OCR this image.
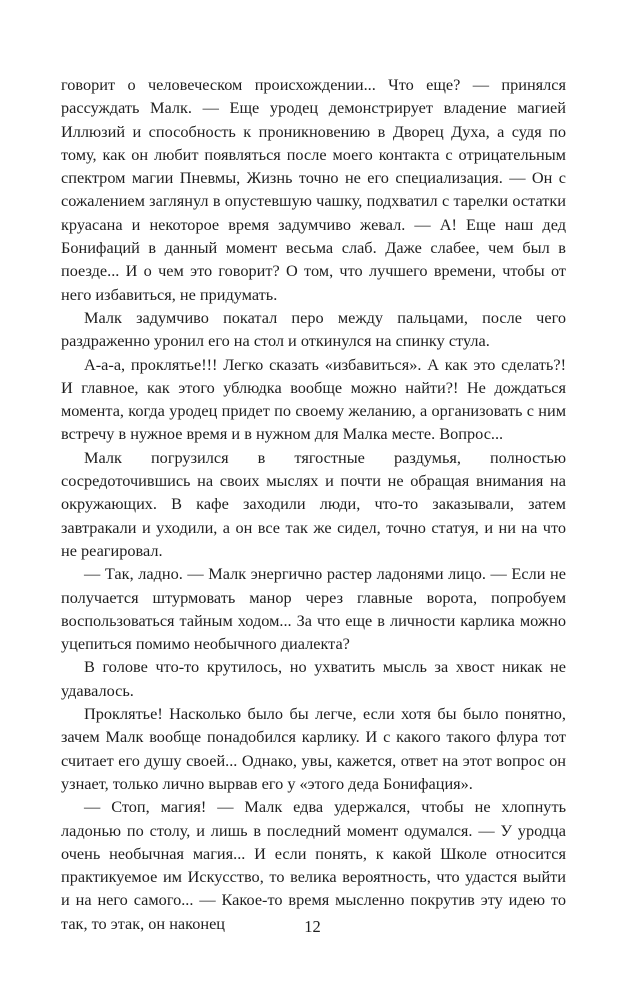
говорит о человеческом происхождении... Что еще? — принялся рассуждать Малк. — Еще уродец демонстрирует владение магией Иллюзий и способность к проникновению в Дворец Духа, а судя по тому, как он любит появляться после моего контакта с отрицательным спектром магии Пневмы, Жизнь точно не его специализация. — Он с сожалением заглянул в опустевшую чашку, подхватил с тарелки остатки круасана и некоторое время задумчиво жевал. — А! Еще наш дед Бонифаций в данный момент весьма слаб. Даже слабее, чем был в поезде... И о чем это говорит? О том, что лучшего времени, чтобы от него избавиться, не придумать.

Малк задумчиво покатал перо между пальцами, после чего раздраженно уронил его на стол и откинулся на спинку стула.

А-а-а, проклятье!!! Легко сказать «избавиться». А как это сделать?! И главное, как этого ублюдка вообще можно найти?! Не дождаться момента, когда уродец придет по своему желанию, а организовать с ним встречу в нужное время и в нужном для Малка месте. Вопрос...

Малк погрузился в тягостные раздумья, полностью сосредоточившись на своих мыслях и почти не обращая внимания на окружающих. В кафе заходили люди, что-то заказывали, затем завтракали и уходили, а он все так же сидел, точно статуя, и ни на что не реагировал.

— Так, ладно. — Малк энергично растер ладонями лицо. — Если не получается штурмовать манор через главные ворота, попробуем воспользоваться тайным ходом... За что еще в личности карлика можно уцепиться помимо необычного диалекта?

В голове что-то крутилось, но ухватить мысль за хвост никак не удавалось.

Проклятье! Насколько было бы легче, если хотя бы было понятно, зачем Малк вообще понадобился карлику. И с какого такого флура тот считает его душу своей... Однако, увы, кажется, ответ на этот вопрос он узнает, только лично вырвав его у «этого деда Бонифация».

— Стоп, магия! — Малк едва удержался, чтобы не хлопнуть ладонью по столу, и лишь в последний момент одумался. — У уродца очень необычная магия... И если понять, к какой Школе относится практикуемое им Искусство, то велика вероятность, что удастся выйти и на него самого... — Какое-то время мысленно покрутив эту идею то так, то этак, он наконец	12
